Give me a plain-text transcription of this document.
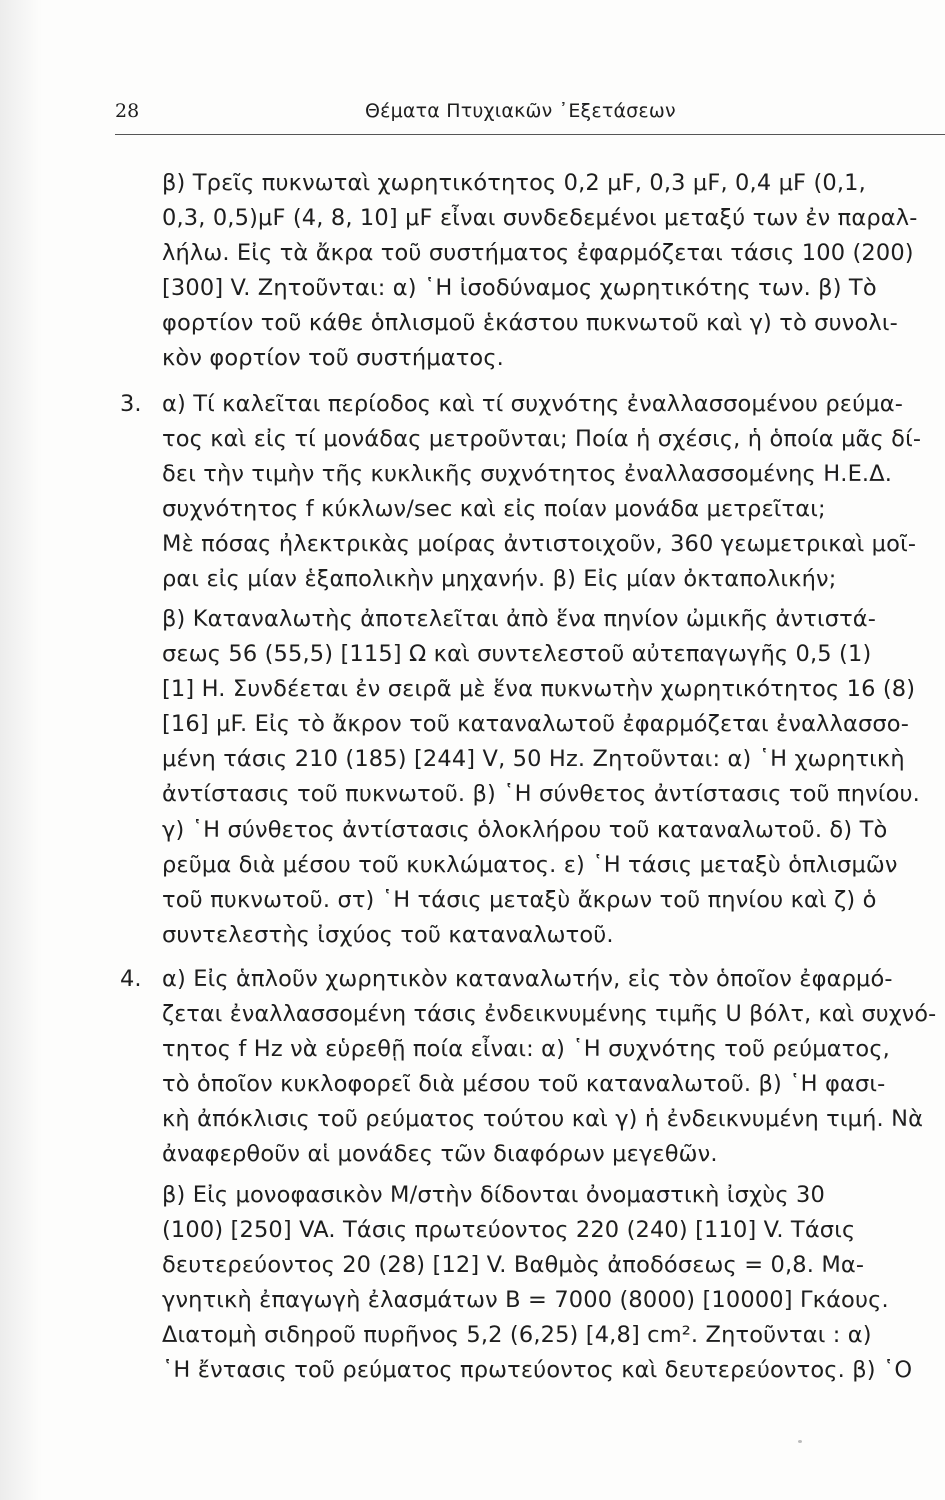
28	Θέματα Πτυχιακῶν ᾿Εξετάσεων
β) Τρεῖς πυκνωταὶ χωρητικότητος 0,2 μF, 0,3 μF, 0,4 μF (0,1,
0,3, 0,5)μF (4, 8, 10] μF εἶναι συνδεδεμένοι μεταξύ των ἐν παραλ-
λήλω. Εἰς τὰ ἄκρα τοῦ συστήματος ἐφαρμόζεται τάσις 100 (200)
[300] V. Ζητοῦνται: α) ῾Η ἰσοδύναμος χωρητικότης των. β) Τὸ
φορτίον τοῦ κάθε ὁπλισμοῦ ἑκάστου πυκνωτοῦ καὶ γ) τὸ συνολι-
κὸν φορτίον τοῦ συστήματος.
3. α) Τί καλεῖται περίοδος καὶ τί συχνότης ἐναλλασσομένου ρεύμα-
τος καὶ εἰς τί μονάδας μετροῦνται; Ποία ἡ σχέσις, ἡ ὁποία μᾶς δί-
δει τὴν τιμὴν τῆς κυκλικῆς συχνότητος ἐναλλασσομένης Η.Ε.Δ.
συχνότητος f κύκλων/sec καὶ εἰς ποίαν μονάδα μετρεῖται;
Μὲ πόσας ἠλεκτρικὰς μοίρας ἀντιστοιχοῦν, 360 γεωμετρικαὶ μοῖ-
ραι εἰς μίαν ἑξαπολικὴν μηχανήν. β) Εἰς μίαν ὀκταπολικήν;
β) Καταναλωτὴς ἀποτελεῖται ἀπὸ ἕνα πηνίον ὠμικῆς ἀντιστά-
σεως 56 (55,5) [115] Ω καὶ συντελεστοῦ αὐτεπαγωγῆς 0,5 (1)
[1] H. Συνδέεται ἐν σειρᾶ μὲ ἕνα πυκνωτὴν χωρητικότητος 16 (8)
[16] μF. Εἰς τὸ ἄκρον τοῦ καταναλωτοῦ ἐφαρμόζεται ἐναλλασσο-
μένη τάσις 210 (185) [244] V, 50 Hz. Ζητοῦνται: α) ῾Η χωρητικὴ
ἀντίστασις τοῦ πυκνωτοῦ. β) ῾Η σύνθετος ἀντίστασις τοῦ πηνίου.
γ) ῾Η σύνθετος ἀντίστασις ὁλοκλήρου τοῦ καταναλωτοῦ. δ) Τὸ
ρεῦμα διὰ μέσου τοῦ κυκλώματος. ε) ῾Η τάσις μεταξὺ ὁπλισμῶν
τοῦ πυκνωτοῦ. στ) ῾Η τάσις μεταξὺ ἄκρων τοῦ πηνίου καὶ ζ) ὁ
συντελεστὴς ἰσχύος τοῦ καταναλωτοῦ.
4. α) Εἰς ἁπλοῦν χωρητικὸν καταναλωτήν, εἰς τὸν ὁποῖον ἐφαρμό-
ζεται ἐναλλασσομένη τάσις ἐνδεικνυμένης τιμῆς U βόλτ, καὶ συχνό-
τητος f Hz νὰ εὑρεθῇ ποία εἶναι: α) ῾Η συχνότης τοῦ ρεύματος,
τὸ ὁποῖον κυκλοφορεῖ διὰ μέσου τοῦ καταναλωτοῦ. β) ῾Η φασι-
κὴ ἀπόκλισις τοῦ ρεύματος τούτου καὶ γ) ἡ ἐνδεικνυμένη τιμή. Νὰ
ἀναφερθοῦν αἱ μονάδες τῶν διαφόρων μεγεθῶν.
β) Εἰς μονοφασικὸν Μ/στὴν δίδονται ὀνομαστικὴ ἰσχὺς 30
(100) [250] VA. Τάσις πρωτεύοντος 220 (240) [110] V. Τάσις
δευτερεύοντος 20 (28) [12] V. Βαθμὸς ἀποδόσεως = 0,8. Μα-
γνητικὴ ἐπαγωγὴ ἐλασμάτων B = 7000 (8000) [10000] Γκάους.
Διατομὴ σιδηροῦ πυρῆνος 5,2 (6,25) [4,8] cm². Ζητοῦνται : α)
῾Η ἔντασις τοῦ ρεύματος πρωτεύοντος καὶ δευτερεύοντος. β) ῾Ο
